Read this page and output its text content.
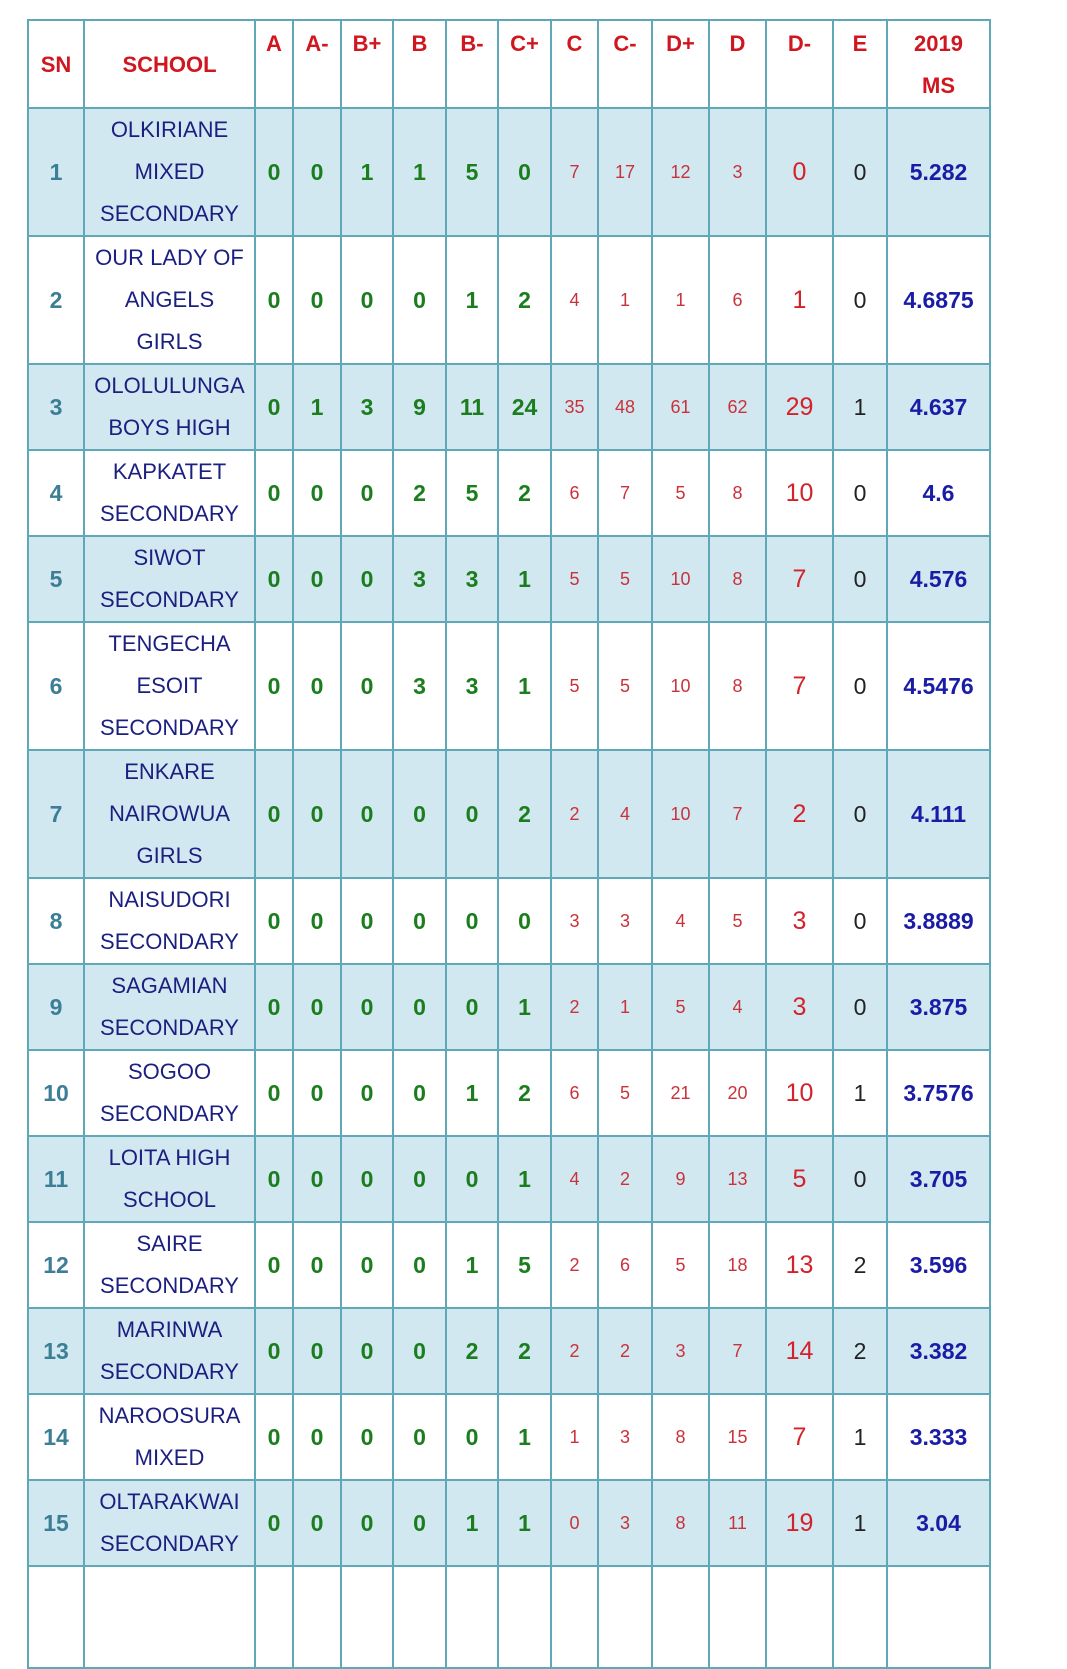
SN	SCHOOL	A	A-	B+	B	B-	C+	C	C-	D+	D	D-	E	2019
MS

1	OLKIRIANE
MIXED
SECONDARY	0	0	1	1	5	0	7	17	12	3	0	0	5.282
2	OUR LADY OF
ANGELS
GIRLS	0	0	0	0	1	2	4	1	1	6	1	0	4.6875
3	OLOLULUNGA
BOYS HIGH	0	1	3	9	11	24	35	48	61	62	29	1	4.637
4	KAPKATET
SECONDARY	0	0	0	2	5	2	6	7	5	8	10	0	4.6
5	SIWOT
SECONDARY	0	0	0	3	3	1	5	5	10	8	7	0	4.576
6	TENGECHA
ESOIT
SECONDARY	0	0	0	3	3	1	5	5	10	8	7	0	4.5476
7	ENKARE
NAIROWUA
GIRLS	0	0	0	0	0	2	2	4	10	7	2	0	4.111
8	NAISUDORI
SECONDARY	0	0	0	0	0	0	3	3	4	5	3	0	3.8889
9	SAGAMIAN
SECONDARY	0	0	0	0	0	1	2	1	5	4	3	0	3.875
10	SOGOO
SECONDARY	0	0	0	0	1	2	6	5	21	20	10	1	3.7576
11	LOITA HIGH
SCHOOL	0	0	0	0	0	1	4	2	9	13	5	0	3.705
12	SAIRE
SECONDARY	0	0	0	0	1	5	2	6	5	18	13	2	3.596
13	MARINWA
SECONDARY	0	0	0	0	2	2	2	2	3	7	14	2	3.382
14	NAROOSURA
MIXED	0	0	0	0	0	1	1	3	8	15	7	1	3.333
15	OLTARAKWAI
SECONDARY	0	0	0	0	1	1	0	3	8	11	19	1	3.04
